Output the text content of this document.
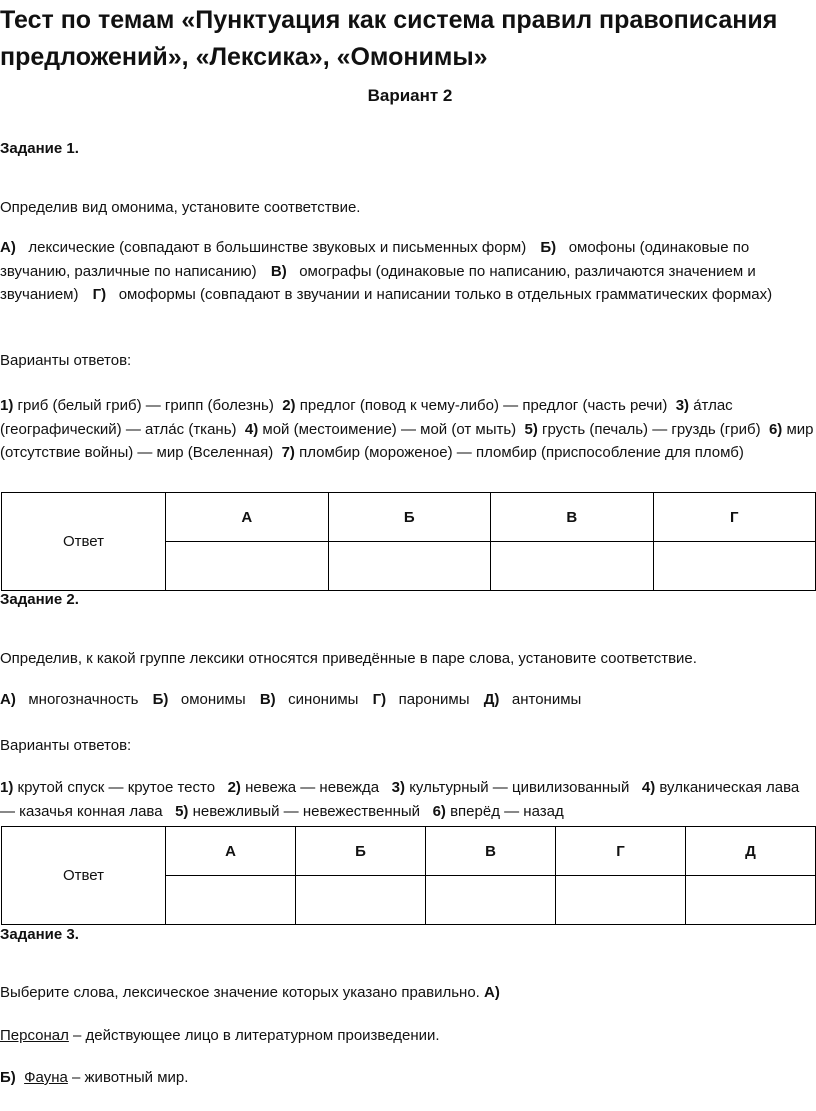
Тест по темам «Пунктуация как система правил правописания предложений», «Лексика», «Омонимы»
Вариант 2

Задание 1.

Определив вид омонима, установите соответствие.

А) лексические (совпадают в большинстве звуковых и письменных форм) Б) омофоны (одинаковые по звучанию, различные по написанию) В) омографы (одинаковые по написанию, различаются значением и звучанием) Г) омоформы (совпадают в звучании и написании только в отдельных грамматических формах)

Варианты ответов:

1) гриб (белый гриб) — грипп (болезнь) 2) предлог (повод к чему-либо) — предлог (часть речи) 3) а́тлас (географический) — атла́с (ткань) 4) мой (местоимение) — мой (от мыть) 5) грусть (печаль) — груздь (гриб) 6) мир (отсутствие войны) — мир (Вселенная) 7) пломбир (мороженое) — пломбир (приспособление для пломб)

Ответ	А	Б	В	Г

Задание 2.

Определив, к какой группе лексики относятся приведённые в паре слова, установите соответствие.

А) многозначность Б) омонимы В) синонимы Г) паронимы Д) антонимы

Варианты ответов:

1) крутой спуск — крутое тесто 2) невежа — невежда 3) культурный — цивилизованный 4) вулканическая лава — казачья конная лава 5) невежливый — невежественный 6) вперёд — назад

Ответ	А	Б	В	Г	Д

Задание 3.

Выберите слова, лексическое значение которых указано правильно. А)

Персонал – действующее лицо в литературном произведении.

Б) Фауна – животный мир.
